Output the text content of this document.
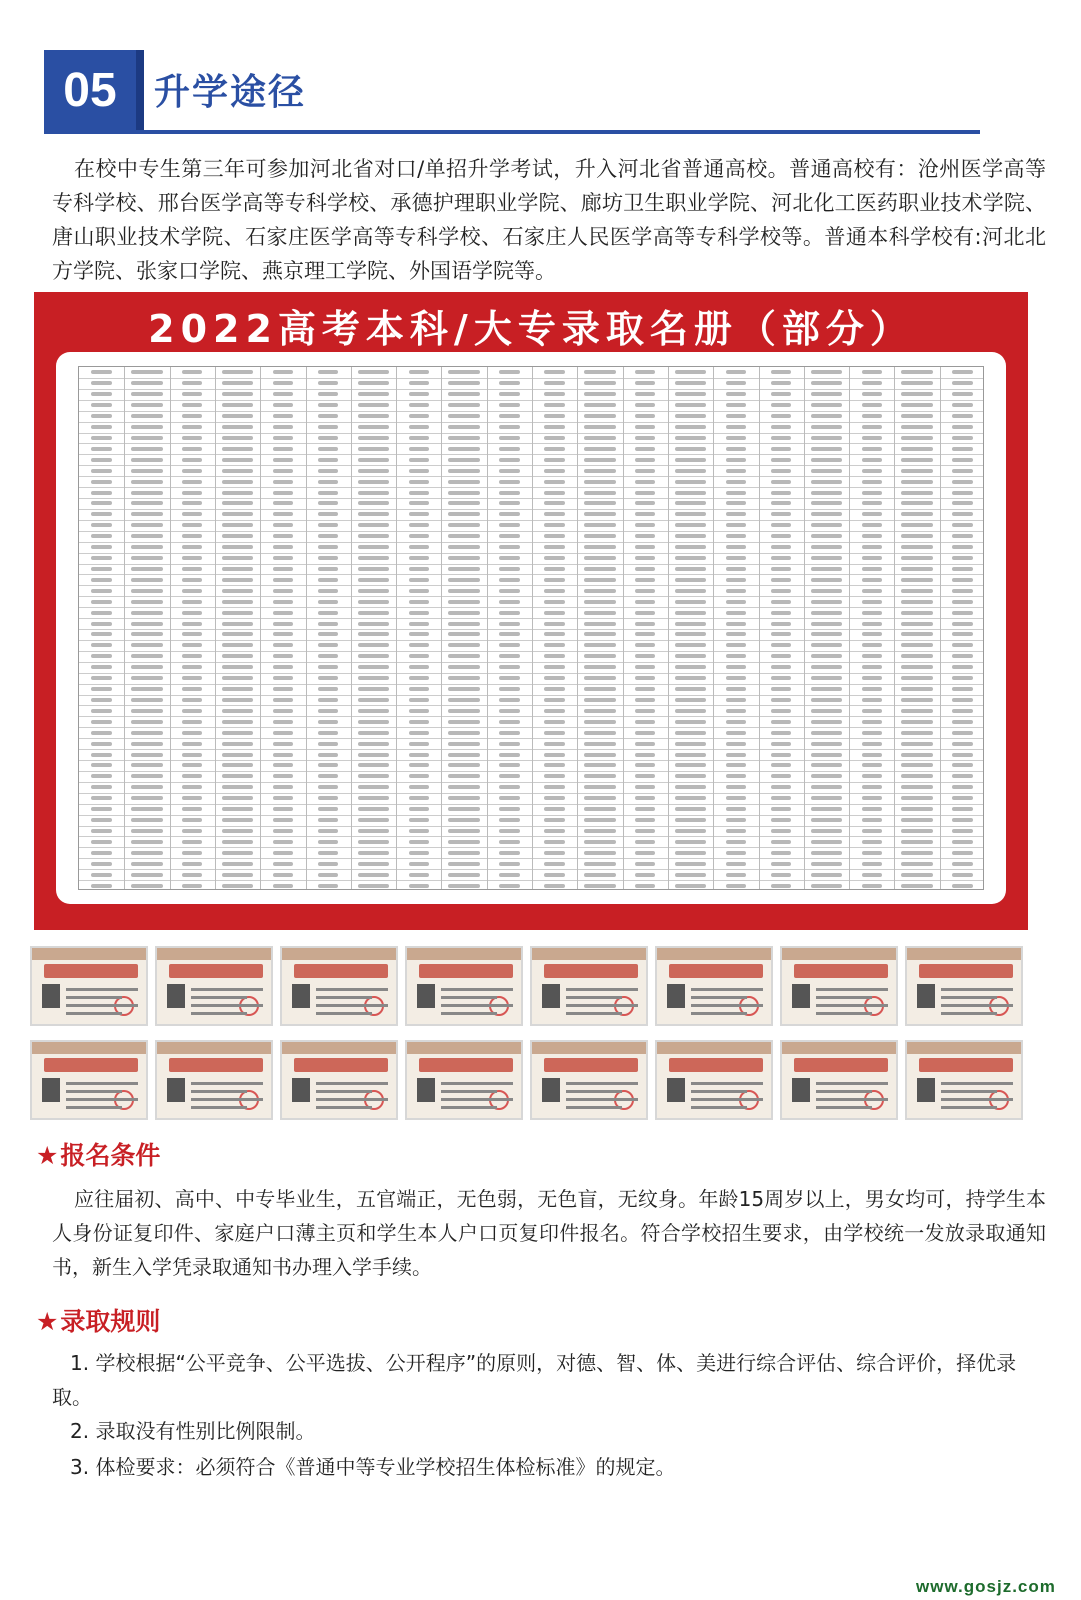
05	升学途径

在校中专生第三年可参加河北省对口/单招升学考试，升入河北省普通高校。普通高校有：沧州医学高等专科学校、邢台医学高等专科学校、承德护理职业学院、廊坊卫生职业学院、河北化工医药职业技术学院、唐山职业技术学院、石家庄医学高等专科学校、石家庄人民医学高等专科学校等。普通本科学校有:河北北方学院、张家口学院、燕京理工学院、外国语学院等。

2022高考本科/大专录取名册（部分）
★报名条件

应往届初、高中、中专毕业生，五官端正，无色弱，无色盲，无纹身。年龄15周岁以上，男女均可，持学生本人身份证复印件、家庭户口薄主页和学生本人户口页复印件报名。符合学校招生要求，由学校统一发放录取通知书，新生入学凭录取通知书办理入学手续。

★录取规则

1. 学校根据“公平竞争、公平选拔、公开程序”的原则，对德、智、体、美进行综合评估、综合评价，择优录取。

2. 录取没有性别比例限制。

3. 体检要求：必须符合《普通中等专业学校招生体检标准》的规定。

www.gosjz.com
